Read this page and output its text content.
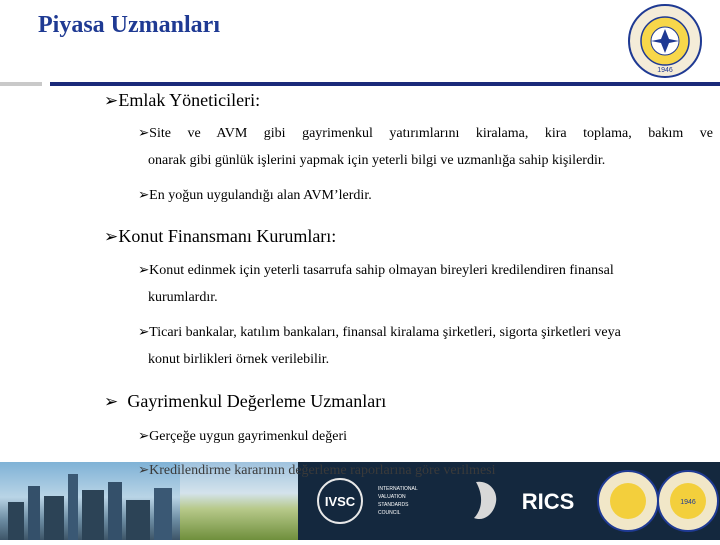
Piyasa Uzmanları
1946
➢Emlak Yöneticileri:
➢Site ve AVM gibi gayrimenkul yatırımlarını kiralama, kira toplama, bakım ve
onarak gibi günlük işlerini yapmak için yeterli bilgi ve uzmanlığa sahip kişilerdir.
➢En yoğun uygulandığı alan AVM’lerdir.
➢Konut Finansmanı Kurumları:
➢Konut edinmek için yeterli tasarrufa sahip olmayan bireyleri kredilendiren finansal
kurumlardır.
➢Ticari bankalar, katılım bankaları, finansal kiralama şirketleri, sigorta şirketleri veya
konut birlikleri örnek verilebilir.
➢ Gayrimenkul Değerleme Uzmanları
➢Gerçeğe uygun gayrimenkul değeri
IVSC
INTERNATIONAL
VALUATION
STANDARDS
COUNCIL	RICS	1946
➢Kredilendirme kararının değerleme raporlarına göre verilmesi
